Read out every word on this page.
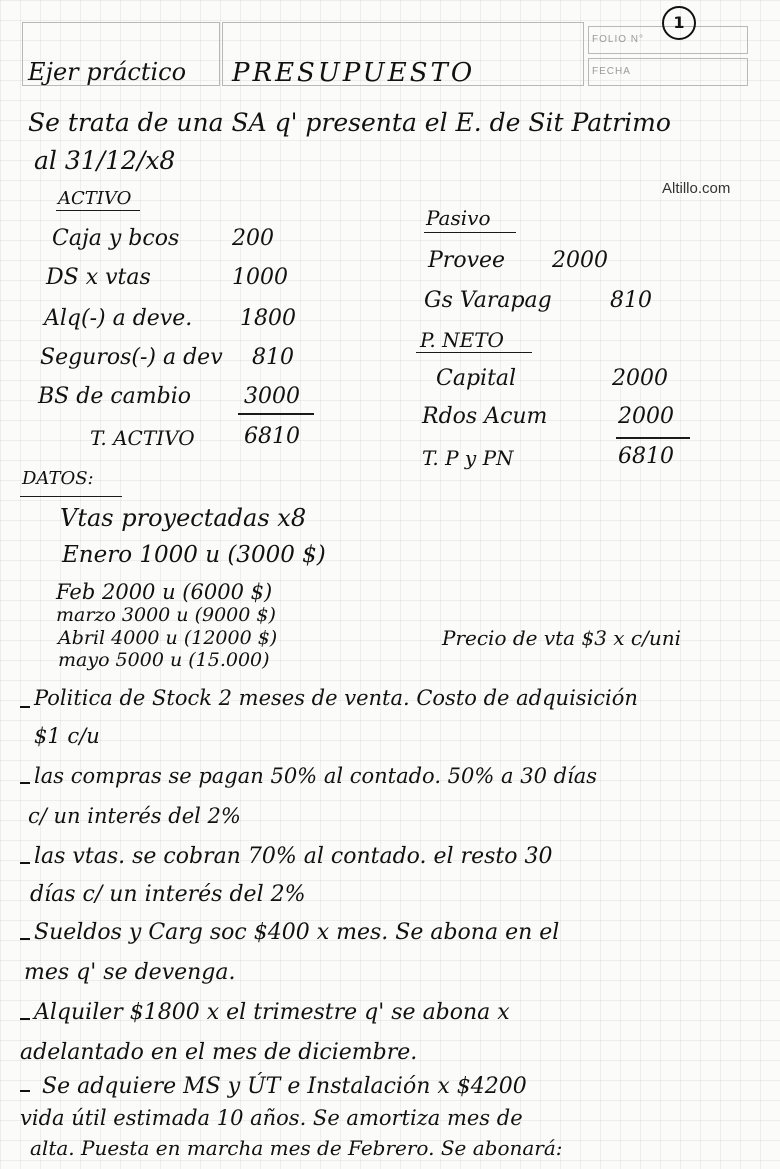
FOLIO N°
FECHA
1
Ejer práctico PRESUPUESTO
Altillo.com
Se trata de una SA q' presenta el E. de Sit Patrimo
al 31/12/x8
ACTIVO
Caja y bcos 200
DS x vtas	1000
Alq(-) a deve. 1800
Seguros(-) a dev 810
BS de cambio 3000
T. ACTIVO 6810
Pasivo
Provee 2000
Gs Varapag	810
P. NETO
Capital	2000
Rdos Acum	2000
T. P y PN	6810
DATOS:
Vtas proyectadas x8
Enero 1000 u (3000 $)
Feb 2000 u (6000 $)
marzo 3000 u (9000 $)
Abril 4000 u (12000 $)
mayo 5000 u (15.000)
Precio de vta $3 x c/uni
Politica de Stock 2 meses de venta. Costo de adquisición
$1 c/u
las compras se pagan 50% al contado. 50% a 30 días
c/ un interés del 2%
las vtas. se cobran 70% al contado. el resto 30
días c/ un interés del 2%
Sueldos y Carg soc $400 x mes. Se abona en el
mes q' se devenga.
Alquiler $1800 x el trimestre q' se abona x
adelantado en el mes de diciembre.
Se adquiere MS y ÚT e Instalación x $4200
vida útil estimada 10 años. Se amortiza mes de
alta. Puesta en marcha mes de Febrero. Se abonará:
